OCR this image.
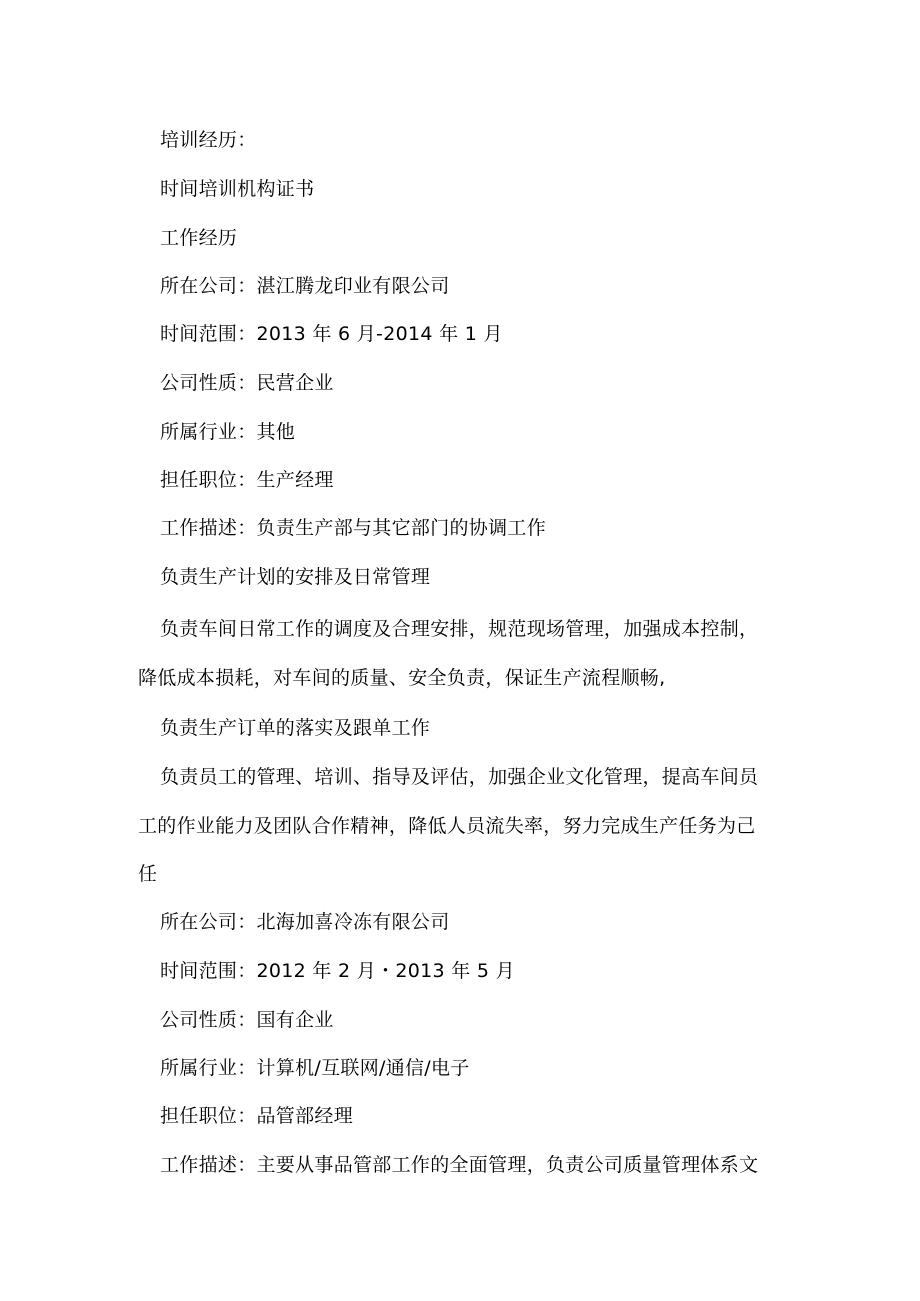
培训经历：
时间培训机构证书
工作经历
所在公司：湛江腾龙印业有限公司
时间范围：2013 年 6 月-2014 年 1 月
公司性质：民营企业
所属行业：其他
担任职位：生产经理
工作描述：负责生产部与其它部门的协调工作
负责生产计划的安排及日常管理
负责车间日常工作的调度及合理安排，规范现场管理，加强成本控制，
降低成本损耗，对车间的质量、安全负责，保证生产流程顺畅,
负责生产订单的落实及跟单工作
负责员工的管理、培训、指导及评估，加强企业文化管理，提高车间员
工的作业能力及团队合作精神，降低人员流失率，努力完成生产任务为己
任
所在公司：北海加喜冷冻有限公司
时间范围：2012 年 2 月・2013 年 5 月
公司性质：国有企业
所属行业：计算机/互联网/通信/电子
担任职位：品管部经理
工作描述：主要从事品管部工作的全面管理，负责公司质量管理体系文
